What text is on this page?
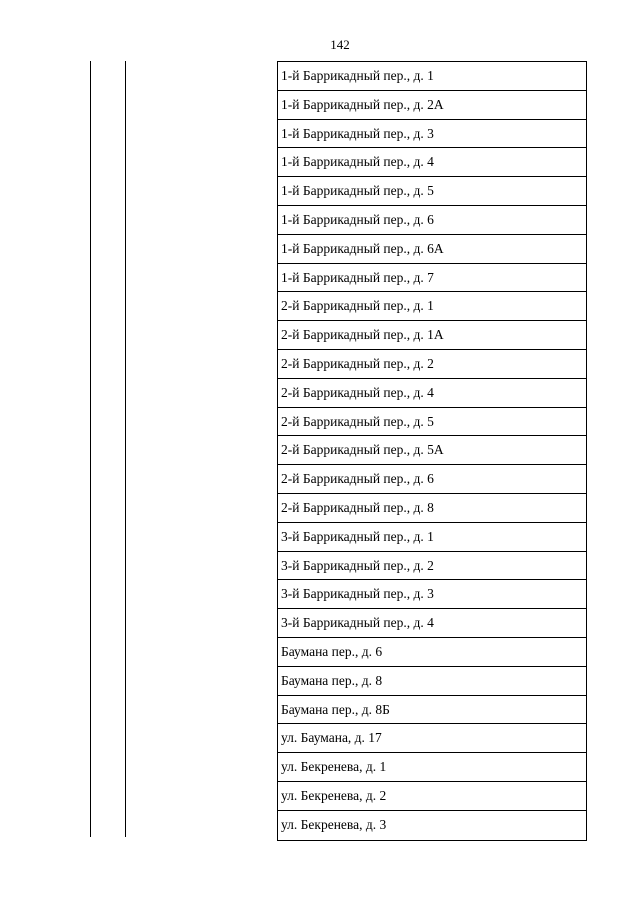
142
1-й Баррикадный пер., д. 1
1-й Баррикадный пер., д. 2А
1-й Баррикадный пер., д. 3
1-й Баррикадный пер., д. 4
1-й Баррикадный пер., д. 5
1-й Баррикадный пер., д. 6
1-й Баррикадный пер., д. 6А
1-й Баррикадный пер., д. 7
2-й Баррикадный пер., д. 1
2-й Баррикадный пер., д. 1А
2-й Баррикадный пер., д. 2
2-й Баррикадный пер., д. 4
2-й Баррикадный пер., д. 5
2-й Баррикадный пер., д. 5А
2-й Баррикадный пер., д. 6
2-й Баррикадный пер., д. 8
3-й Баррикадный пер., д. 1
3-й Баррикадный пер., д. 2
3-й Баррикадный пер., д. 3
3-й Баррикадный пер., д. 4
Баумана пер., д. 6
Баумана пер., д. 8
Баумана пер., д. 8Б
ул. Баумана, д. 17
ул. Бекренева, д. 1
ул. Бекренева, д. 2
ул. Бекренева, д. 3
